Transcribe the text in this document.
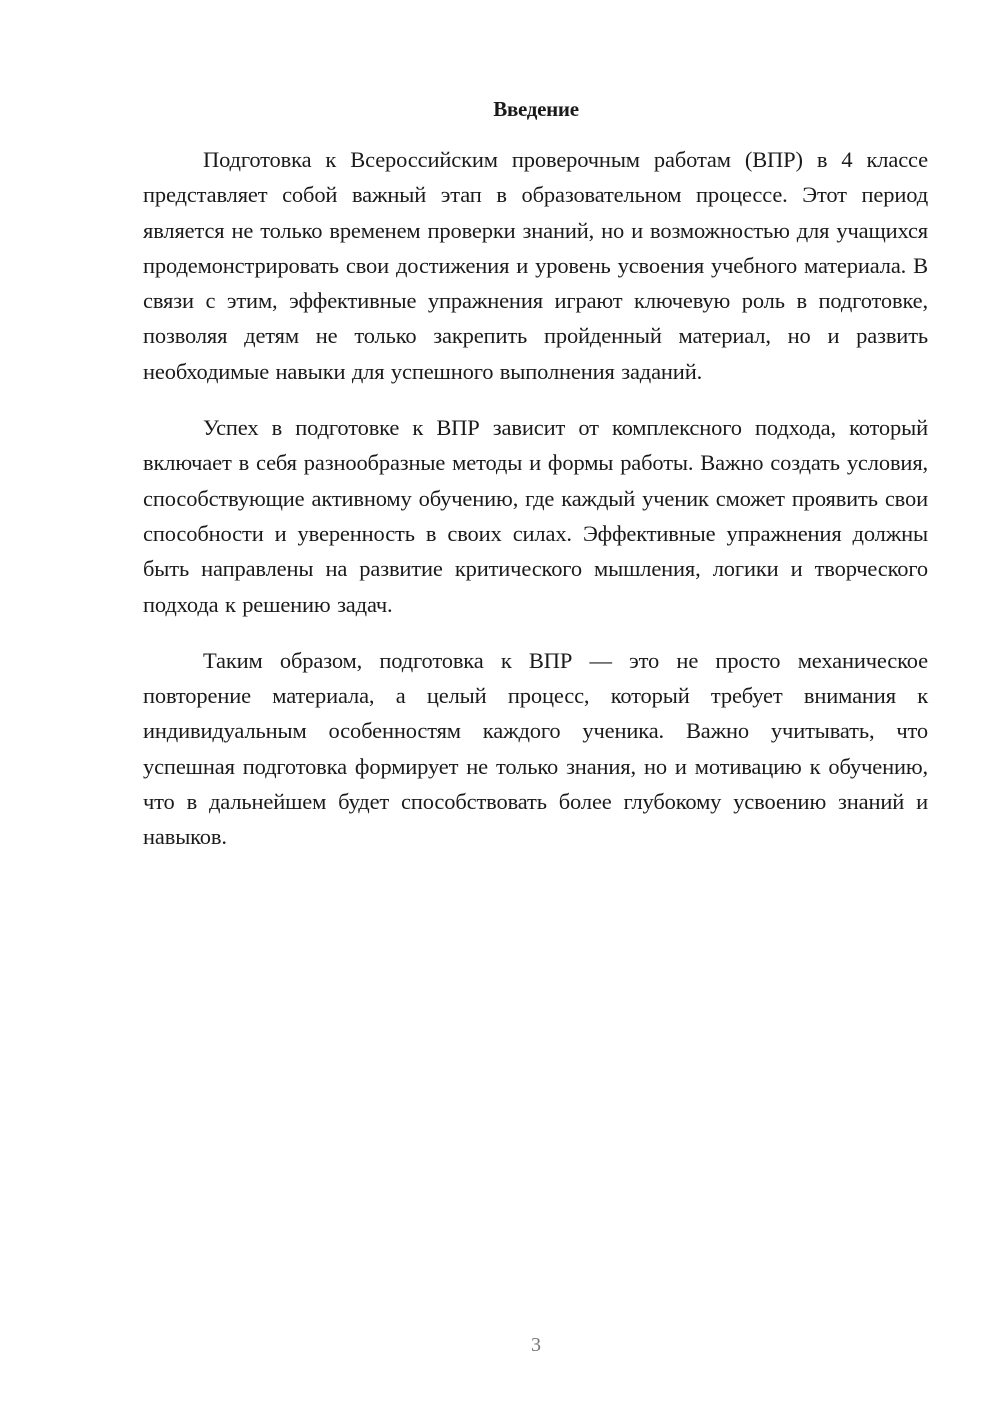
Введение

Подготовка к Всероссийским проверочным работам (ВПР) в 4 классе представляет собой важный этап в образовательном процессе. Этот период является не только временем проверки знаний, но и возможностью для учащихся продемонстрировать свои достижения и уровень усвоения учебного материала. В связи с этим, эффективные упражнения играют ключевую роль в подготовке, позволяя детям не только закрепить пройденный материал, но и развить необходимые навыки для успешного выполнения заданий.

Успех в подготовке к ВПР зависит от комплексного подхода, который включает в себя разнообразные методы и формы работы. Важно создать условия, способствующие активному обучению, где каждый ученик сможет проявить свои способности и уверенность в своих силах. Эффективные упражнения должны быть направлены на развитие критического мышления, логики и творческого подхода к решению задач.

Таким образом, подготовка к ВПР — это не просто механическое повторение материала, а целый процесс, который требует внимания к индивидуальным особенностям каждого ученика. Важно учитывать, что успешная подготовка формирует не только знания, но и мотивацию к обучению, что в дальнейшем будет способствовать более глубокому усвоению знаний и навыков.

3
